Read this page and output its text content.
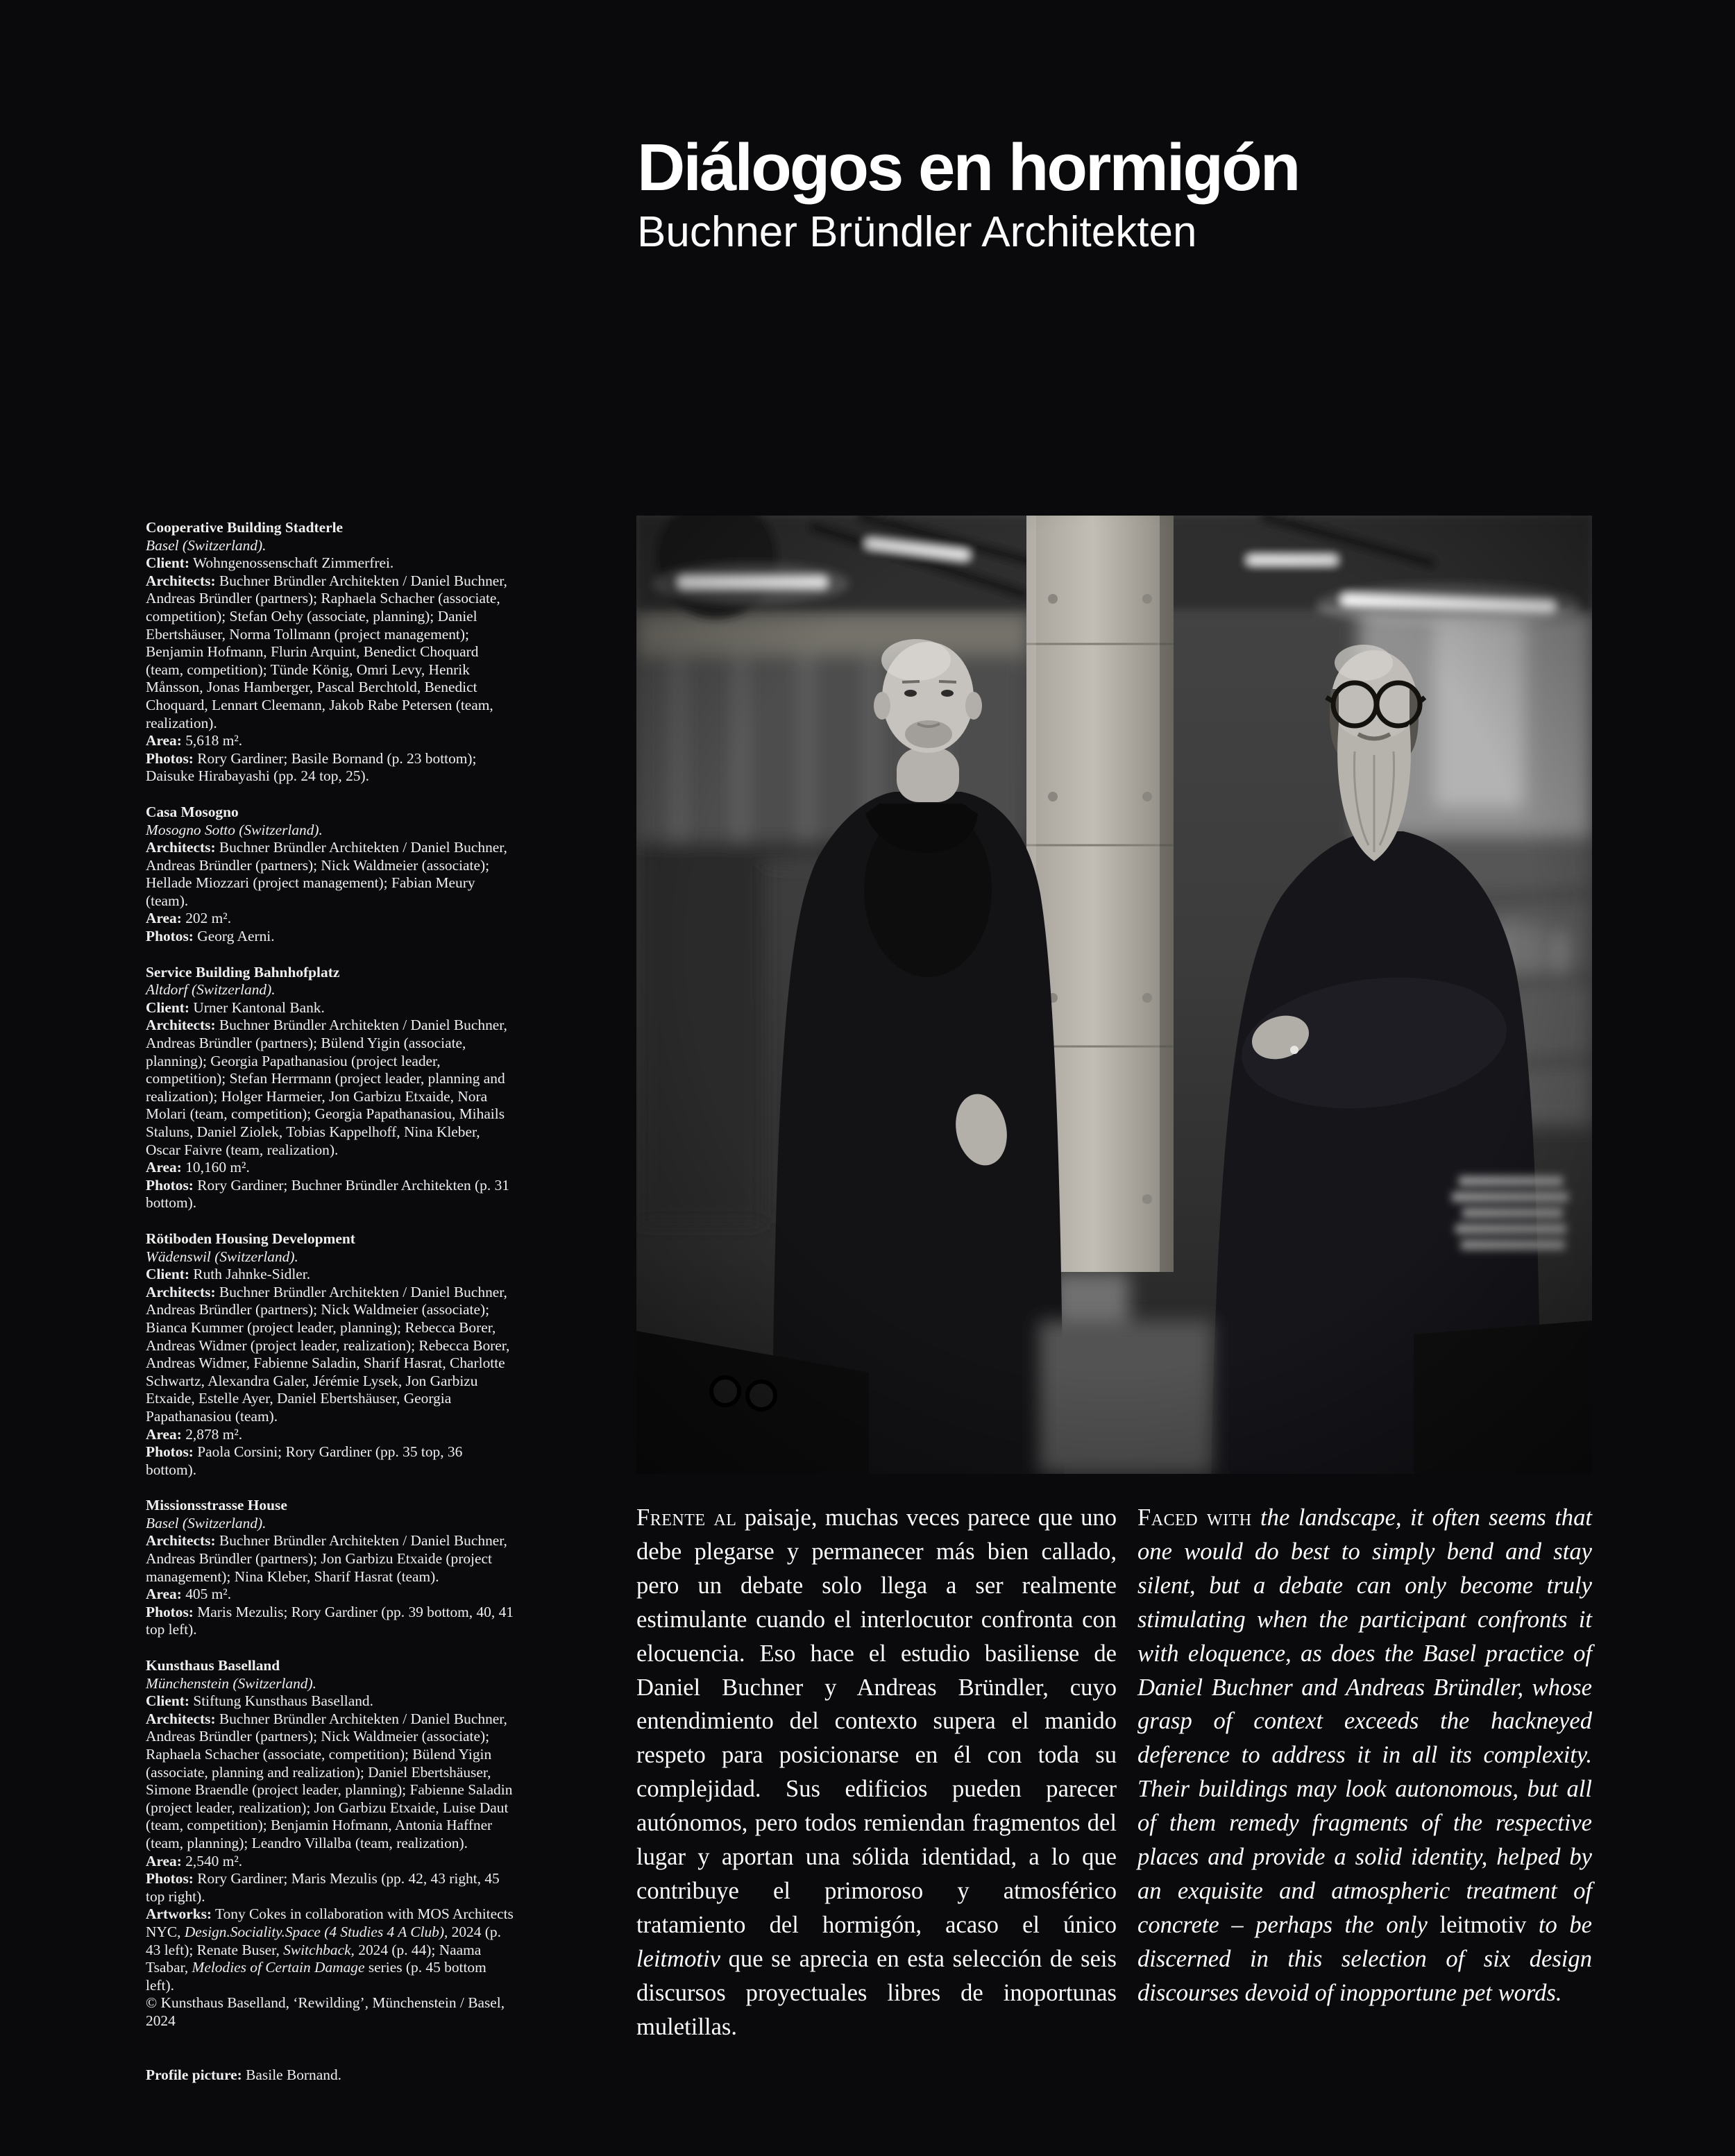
Diálogos en hormigón
Buchner Bründler Architekten
Cooperative Building Stadterle
Basel (Switzerland).
Client: Wohngenossenschaft Zimmerfrei.
Architects: Buchner Bründler Architekten / Daniel Buchner, Andreas Bründler (partners); Raphaela Schacher (associate, competition); Stefan Oehy (associate, planning); Daniel Ebertshäuser, Norma Tollmann (project management); Benjamin Hofmann, Flurin Arquint, Benedict Choquard (team, competition); Tünde König, Omri Levy, Henrik Månsson, Jonas Hamberger, Pascal Berchtold, Benedict Choquard, Lennart Cleemann, Jakob Rabe Petersen (team, realization).
Area: 5,618 m².
Photos: Rory Gardiner; Basile Bornand (p. 23 bottom); Daisuke Hirabayashi (pp. 24 top, 25).
Casa Mosogno
Mosogno Sotto (Switzerland).
Architects: Buchner Bründler Architekten / Daniel Buchner, Andreas Bründler (partners); Nick Waldmeier (associate); Hellade Miozzari (project management); Fabian Meury (team).
Area: 202 m².
Photos: Georg Aerni.
Service Building Bahnhofplatz
Altdorf (Switzerland).
Client: Urner Kantonal Bank.
Architects: Buchner Bründler Architekten / Daniel Buchner, Andreas Bründler (partners); Bülend Yigin (associate, planning); Georgia Papathanasiou (project leader, competition); Stefan Herrmann (project leader, planning and realization); Holger Harmeier, Jon Garbizu Etxaide, Nora Molari (team, competition); Georgia Papathanasiou, Mihails Staluns, Daniel Ziolek, Tobias Kappelhoff, Nina Kleber, Oscar Faivre (team, realization).
Area: 10,160 m².
Photos: Rory Gardiner; Buchner Bründler Architekten (p. 31 bottom).
Rötiboden Housing Development
Wädenswil (Switzerland).
Client: Ruth Jahnke-Sidler.
Architects: Buchner Bründler Architekten / Daniel Buchner, Andreas Bründler (partners); Nick Waldmeier (associate); Bianca Kummer (project leader, planning); Rebecca Borer, Andreas Widmer (project leader, realization); Rebecca Borer, Andreas Widmer, Fabienne Saladin, Sharif Hasrat, Charlotte Schwartz, Alexandra Galer, Jérémie Lysek, Jon Garbizu Etxaide, Estelle Ayer, Daniel Ebertshäuser, Georgia Papathanasiou (team).
Area: 2,878 m².
Photos: Paola Corsini; Rory Gardiner (pp. 35 top, 36 bottom).
Missionsstrasse House
Basel (Switzerland).
Architects: Buchner Bründler Architekten / Daniel Buchner, Andreas Bründler (partners); Jon Garbizu Etxaide (project management); Nina Kleber, Sharif Hasrat (team).
Area: 405 m².
Photos: Maris Mezulis; Rory Gardiner (pp. 39 bottom, 40, 41 top left).
Kunsthaus Baselland
Münchenstein (Switzerland).
Client: Stiftung Kunsthaus Baselland.
Architects: Buchner Bründler Architekten / Daniel Buchner, Andreas Bründler (partners); Nick Waldmeier (associate); Raphaela Schacher (associate, competition); Bülend Yigin (associate, planning and realization); Daniel Ebertshäuser, Simone Braendle (project leader, planning); Fabienne Saladin (project leader, realization); Jon Garbizu Etxaide, Luise Daut (team, competition); Benjamin Hofmann, Antonia Haffner (team, planning); Leandro Villalba (team, realization).
Area: 2,540 m².
Photos: Rory Gardiner; Maris Mezulis (pp. 42, 43 right, 45 top right).
Artworks: Tony Cokes in collaboration with MOS Architects NYC, Design.Sociality.Space (4 Studies 4 A Club), 2024 (p. 43 left); Renate Buser, Switchback, 2024 (p. 44); Naama Tsabar, Melodies of Certain Damage series (p. 45 bottom left).
© Kunsthaus Baselland, ‘Rewilding’, Münchenstein / Basel, 2024
Profile picture: Basile Bornand.

Frente al paisaje, muchas veces parece que uno debe plegarse y permanecer más bien callado, pero un debate solo llega a ser realmente estimulante cuando el interlocutor confronta con elocuencia. Eso hace el estudio basiliense de Daniel Buchner y Andreas Bründler, cuyo entendimiento del contexto supera el manido respeto para posicionarse en él con toda su complejidad. Sus edificios pueden parecer autónomos, pero todos remiendan fragmentos del lugar y aportan una sólida identidad, a lo que contribuye el primoroso y atmosférico tratamiento del hormigón, acaso el único leitmotiv que se aprecia en esta selección de seis discursos proyectuales libres de inoportunas muletillas.

Faced with the landscape, it often seems that one would do best to simply bend and stay silent, but a debate can only become truly stimulating when the participant confronts it with eloquence, as does the Basel practice of Daniel Buchner and Andreas Bründler, whose grasp of context exceeds the hackneyed deference to address it in all its complexity. Their buildings may look autonomous, but all of them remedy fragments of the respective places and provide a solid identity, helped by an exquisite and atmospheric treatment of concrete – perhaps the only leitmotiv to be discerned in this selection of six design discourses devoid of inopportune pet words.
